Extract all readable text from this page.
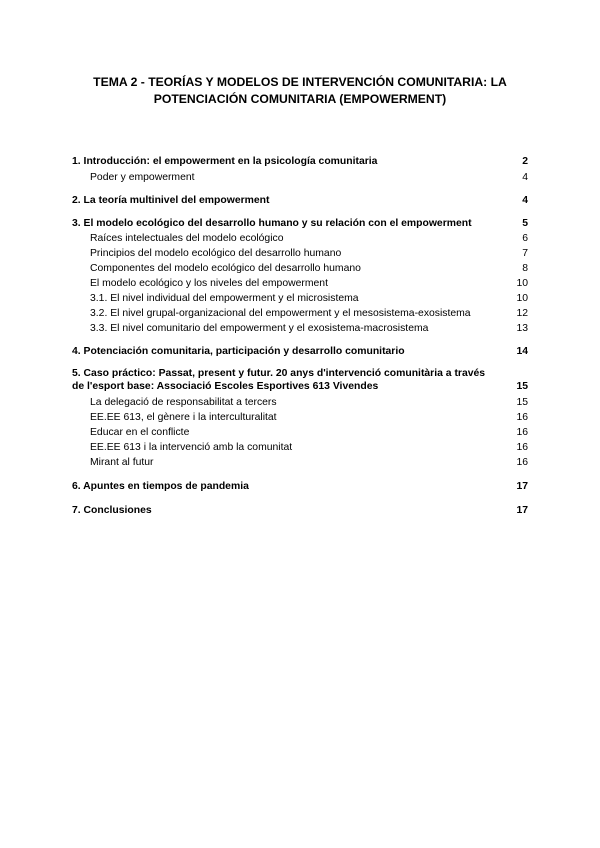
TEMA 2 - TEORÍAS Y MODELOS DE INTERVENCIÓN COMUNITARIA: LA
POTENCIACIÓN COMUNITARIA (EMPOWERMENT)
1. Introducción: el empowerment en la psicología comunitaria	2
Poder y empowerment	4
2. La teoría multinivel del empowerment	4
3. El modelo ecológico del desarrollo humano y su relación con el empowerment	5
Raíces intelectuales del modelo ecológico	6
Principios del modelo ecológico del desarrollo humano	7
Componentes del modelo ecológico del desarrollo humano	8
El modelo ecológico y los niveles del empowerment	10
3.1. El nivel individual del empowerment y el microsistema	10
3.2. El nivel grupal-organizacional del empowerment y el mesosistema-exosistema	12
3.3. El nivel comunitario del empowerment y el exosistema-macrosistema	13
4. Potenciación comunitaria, participación y desarrollo comunitario	14
5. Caso práctico: Passat, present y futur. 20 anys d'intervenció comunitària a través
de l'esport base: Associació Escoles Esportives 613 Vivendes	15
La delegació de responsabilitat a tercers	15
EE.EE 613, el gènere i la interculturalitat	16
Educar en el conflicte	16
EE.EE 613 i la intervenció amb la comunitat	16
Mirant al futur	16
6. Apuntes en tiempos de pandemia	17
7. Conclusiones	17
